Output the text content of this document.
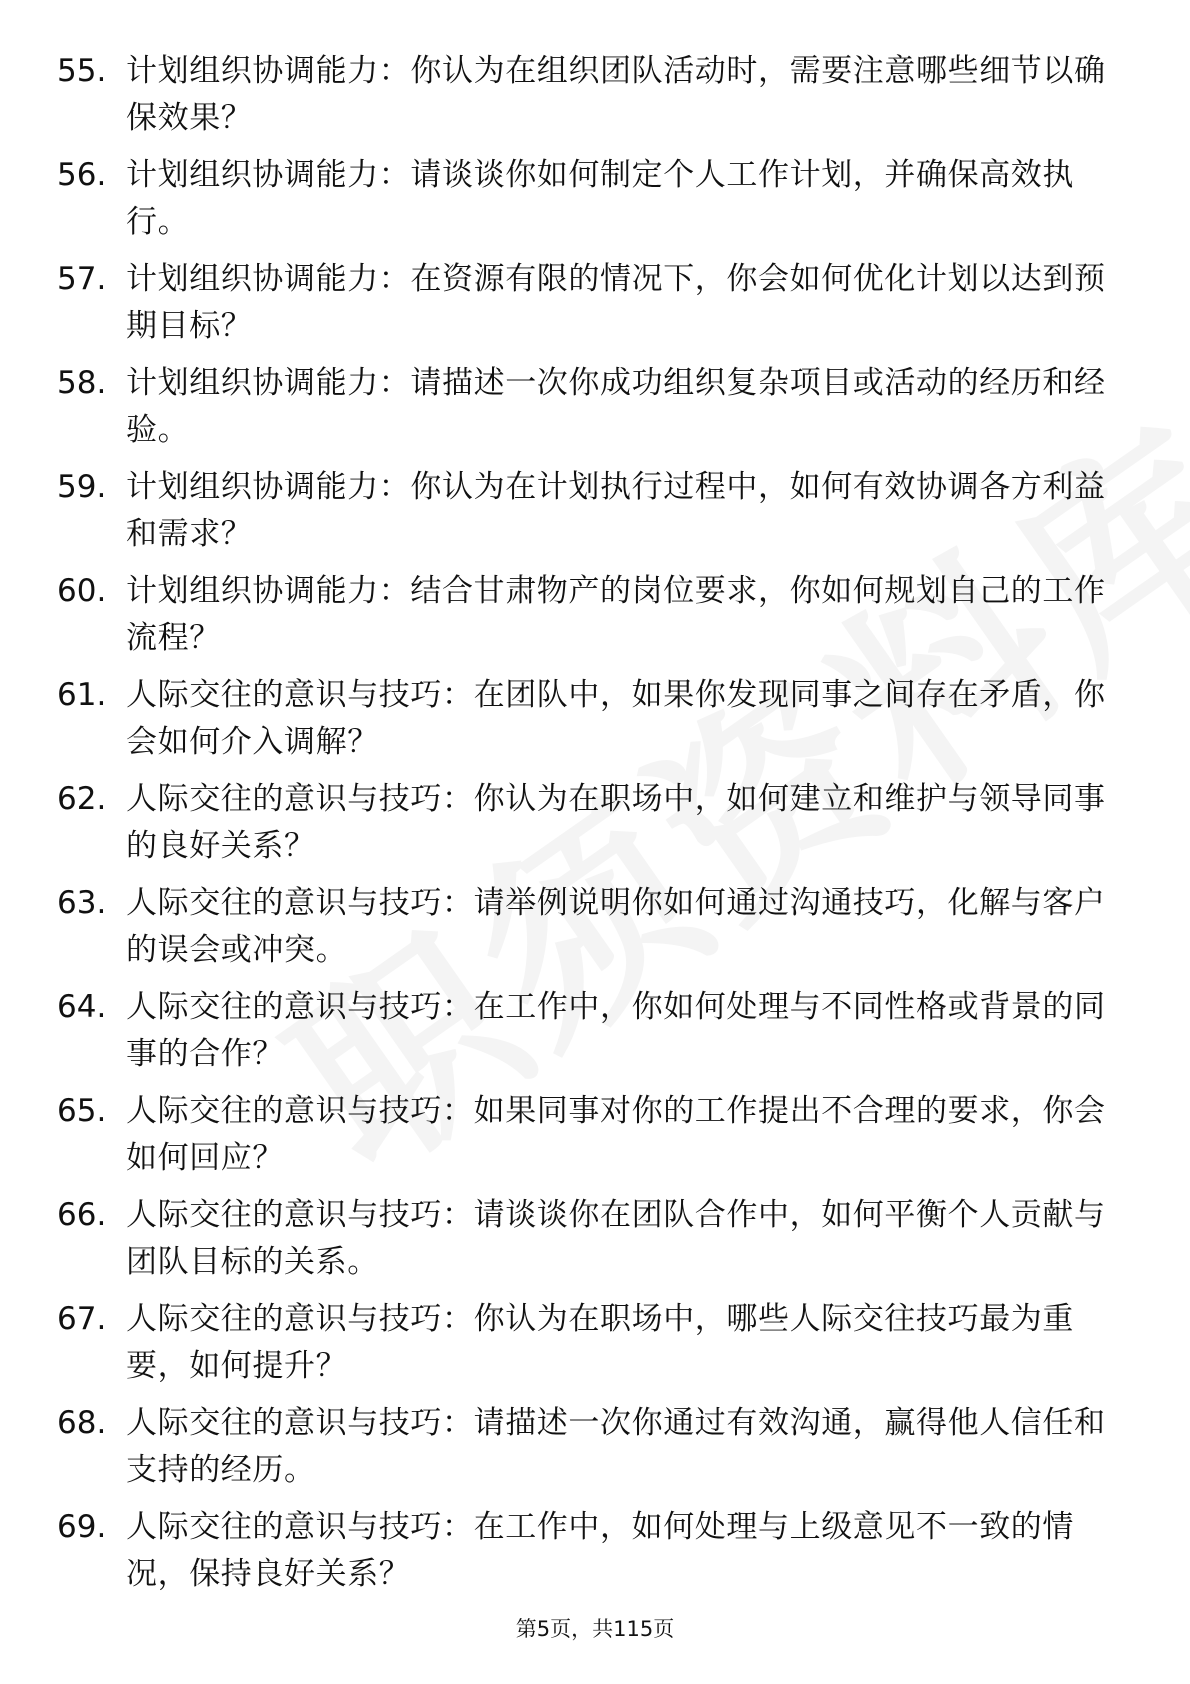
55. 计划组织协调能力：你认为在组织团队活动时，需要注意哪些细节以确保效果？
56. 计划组织协调能力：请谈谈你如何制定个人工作计划，并确保高效执行。
57. 计划组织协调能力：在资源有限的情况下，你会如何优化计划以达到预期目标？
58. 计划组织协调能力：请描述一次你成功组织复杂项目或活动的经历和经验。
59. 计划组织协调能力：你认为在计划执行过程中，如何有效协调各方利益和需求？
60. 计划组织协调能力：结合甘肃物产的岗位要求，你如何规划自己的工作流程？
61. 人际交往的意识与技巧：在团队中，如果你发现同事之间存在矛盾，你会如何介入调解？
62. 人际交往的意识与技巧：你认为在职场中，如何建立和维护与领导同事的良好关系？
63. 人际交往的意识与技巧：请举例说明你如何通过沟通技巧，化解与客户的误会或冲突。
64. 人际交往的意识与技巧：在工作中，你如何处理与不同性格或背景的同事的合作？
65. 人际交往的意识与技巧：如果同事对你的工作提出不合理的要求，你会如何回应？
66. 人际交往的意识与技巧：请谈谈你在团队合作中，如何平衡个人贡献与团队目标的关系。
67. 人际交往的意识与技巧：你认为在职场中，哪些人际交往技巧最为重要，如何提升？
68. 人际交往的意识与技巧：请描述一次你通过有效沟通，赢得他人信任和支持的经历。
69. 人际交往的意识与技巧：在工作中，如何处理与上级意见不一致的情况，保持良好关系？
第5页，共115页
